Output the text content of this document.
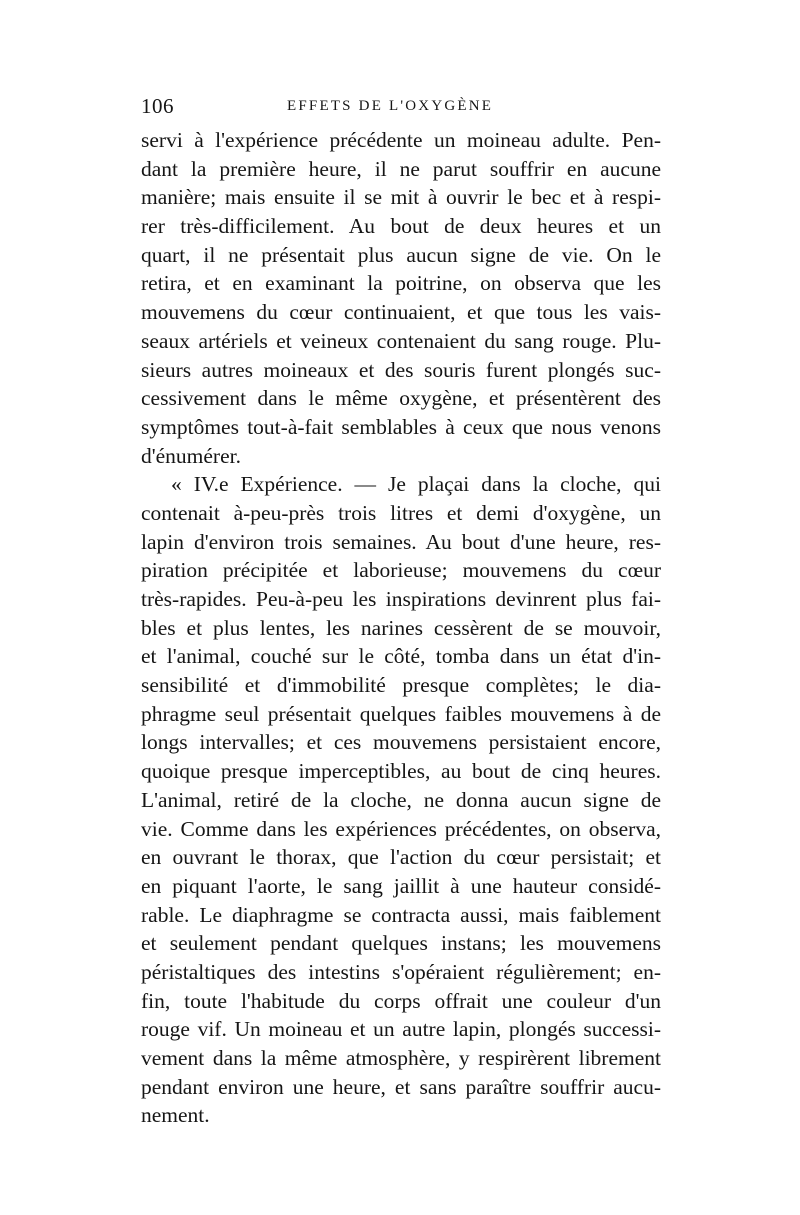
106	EFFETS DE L'OXYGÈNE
servi à l'expérience précédente un moineau adulte. Pen-
dant la première heure, il ne parut souffrir en aucune
manière; mais ensuite il se mit à ouvrir le bec et à respi-
rer très-difficilement. Au bout de deux heures et un
quart, il ne présentait plus aucun signe de vie. On le
retira, et en examinant la poitrine, on observa que les
mouvemens du cœur continuaient, et que tous les vais-
seaux artériels et veineux contenaient du sang rouge. Plu-
sieurs autres moineaux et des souris furent plongés suc-
cessivement dans le même oxygène, et présentèrent des
symptômes tout-à-fait semblables à ceux que nous venons
d'énumérer.
« IV.e Expérience. — Je plaçai dans la cloche, qui
contenait à-peu-près trois litres et demi d'oxygène, un
lapin d'environ trois semaines. Au bout d'une heure, res-
piration précipitée et laborieuse; mouvemens du cœur
très-rapides. Peu-à-peu les inspirations devinrent plus fai-
bles et plus lentes, les narines cessèrent de se mouvoir,
et l'animal, couché sur le côté, tomba dans un état d'in-
sensibilité et d'immobilité presque complètes; le dia-
phragme seul présentait quelques faibles mouvemens à de
longs intervalles; et ces mouvemens persistaient encore,
quoique presque imperceptibles, au bout de cinq heures.
L'animal, retiré de la cloche, ne donna aucun signe de
vie. Comme dans les expériences précédentes, on observa,
en ouvrant le thorax, que l'action du cœur persistait; et
en piquant l'aorte, le sang jaillit à une hauteur considé-
rable. Le diaphragme se contracta aussi, mais faiblement
et seulement pendant quelques instans; les mouvemens
péristaltiques des intestins s'opéraient régulièrement; en-
fin, toute l'habitude du corps offrait une couleur d'un
rouge vif. Un moineau et un autre lapin, plongés successi-
vement dans la même atmosphère, y respirèrent librement
pendant environ une heure, et sans paraître souffrir aucu-
nement.
